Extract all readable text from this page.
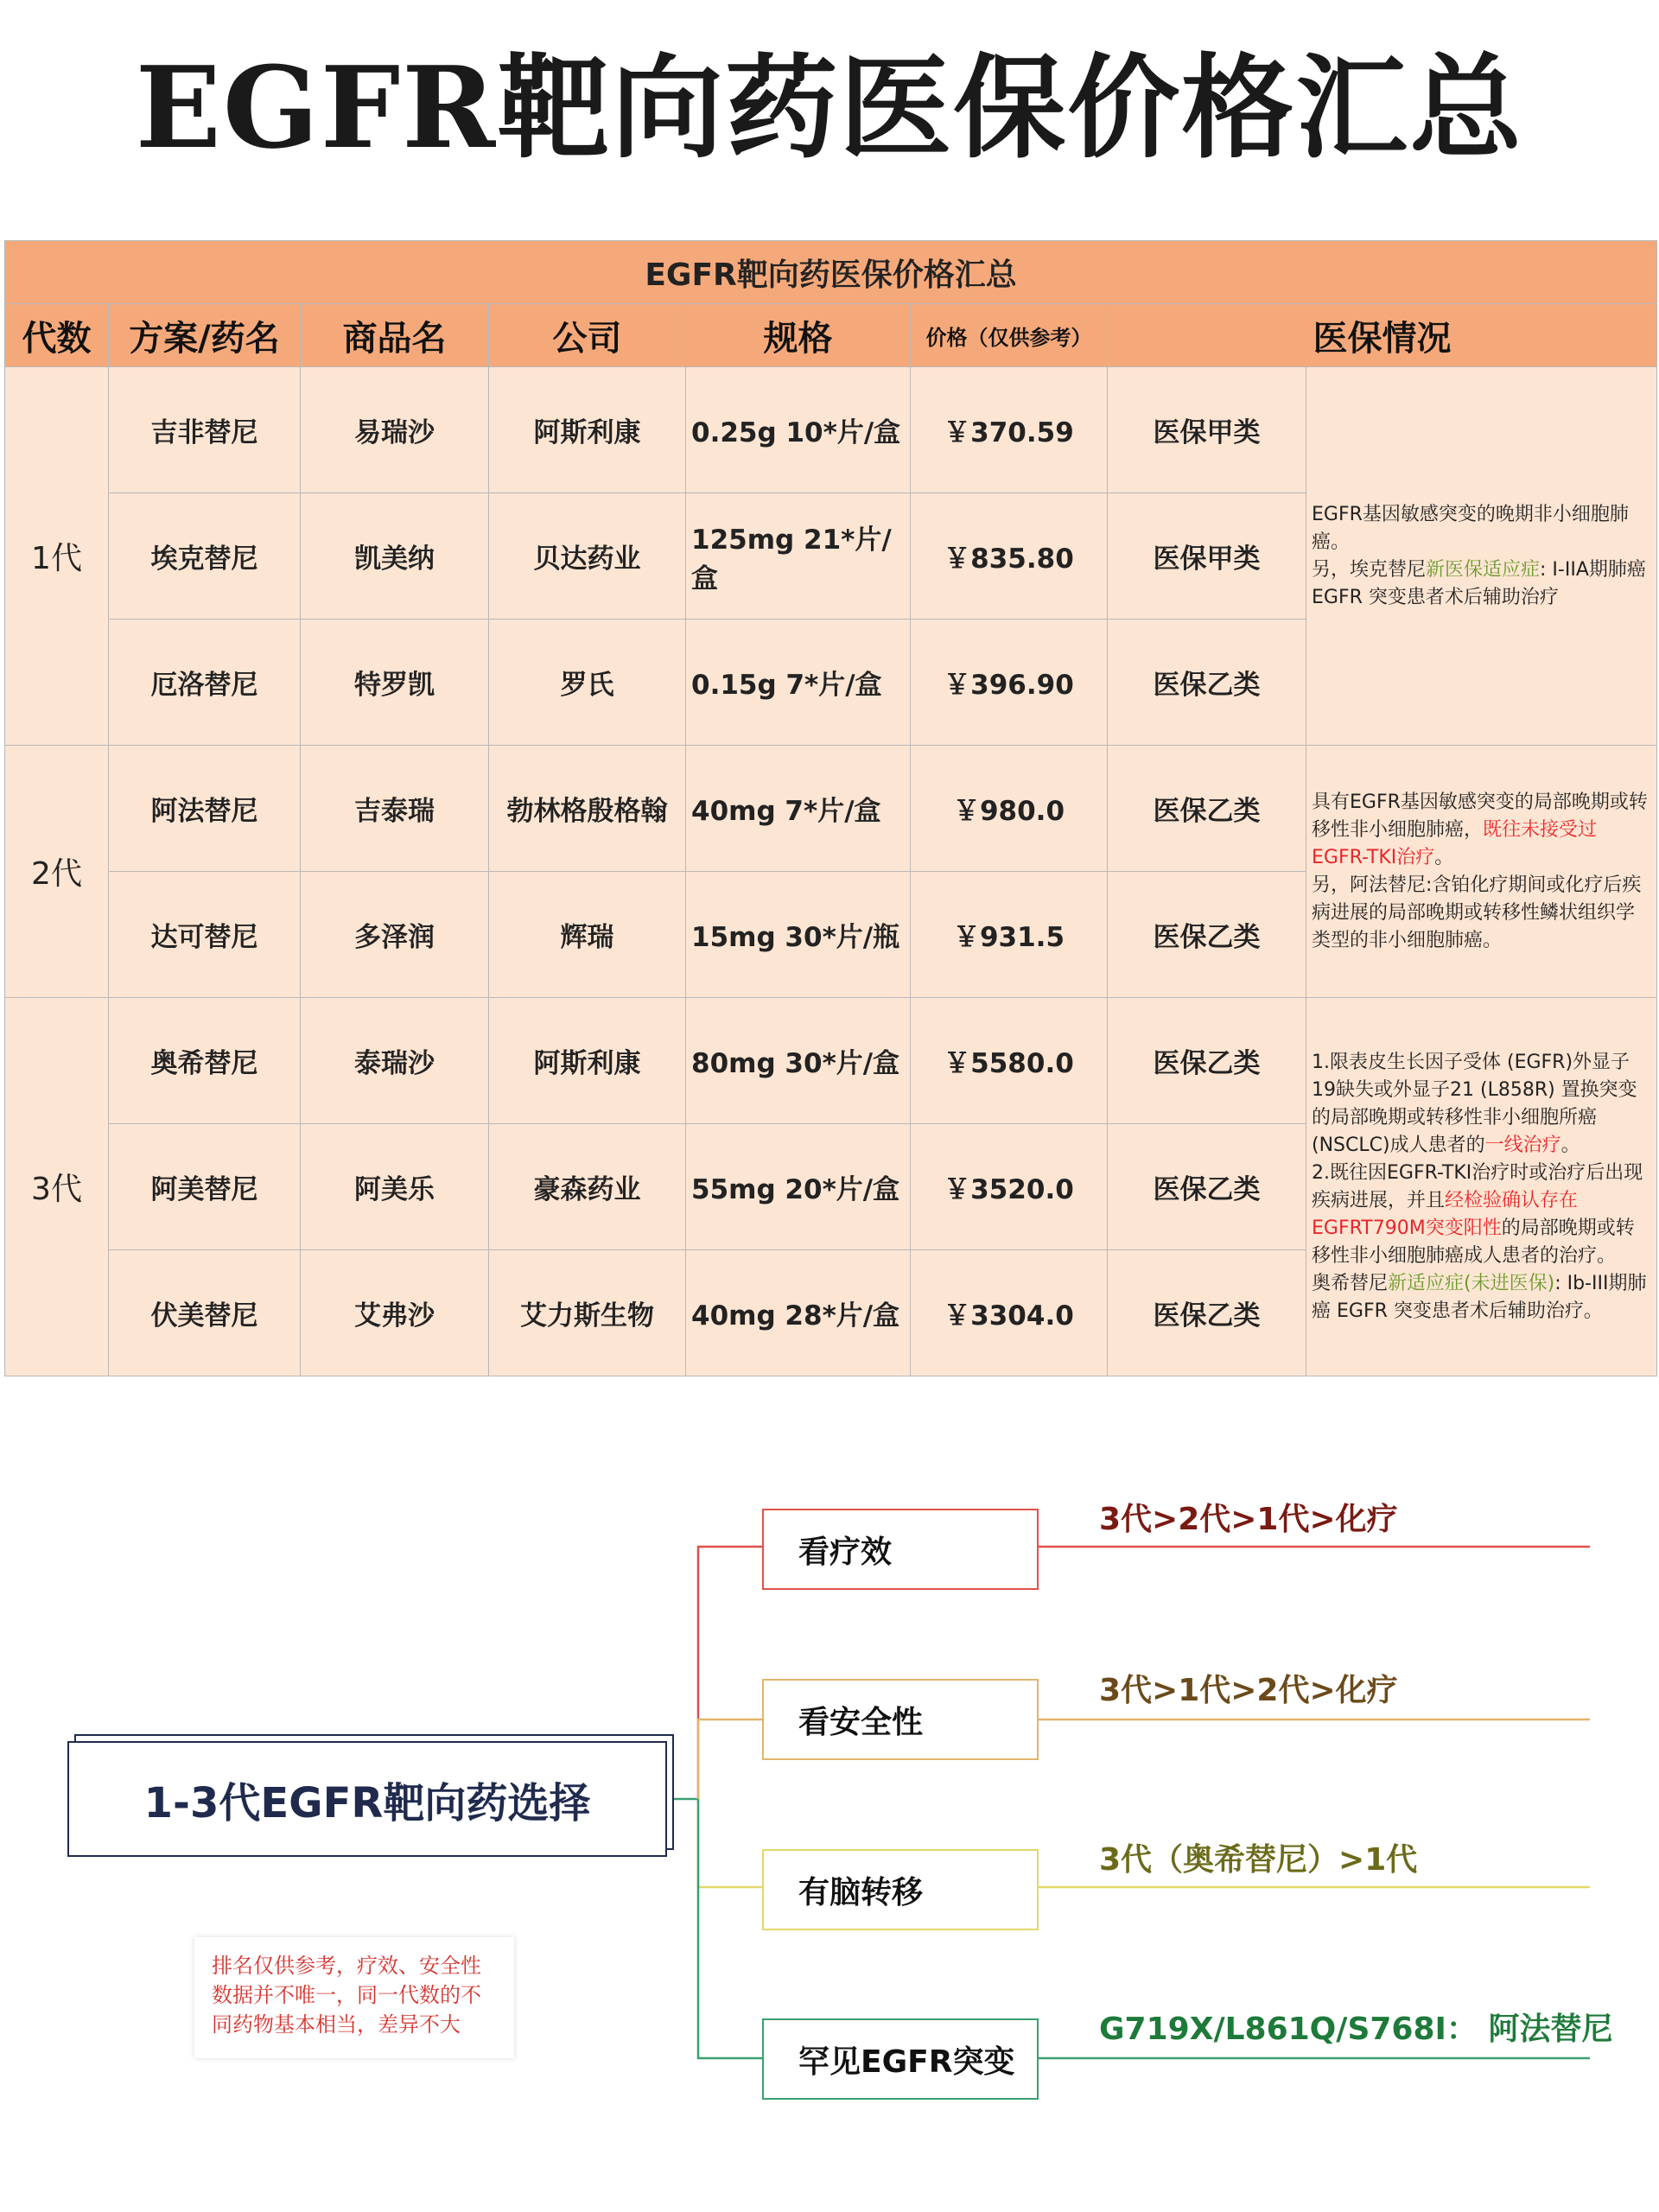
EGFR靶向药医保价格汇总
EGFR靶向药医保价格汇总							
代数	方案/药名	商品名	公司	规格	价格（仅供参考）	医保情况	
1代	吉非替尼	易瑞沙	阿斯利康	0.25g 10*片/盒	￥370.59	医保甲类	EGFR基因敏感突变的晚期非小细胞肺癌。
另，埃克替尼新医保适应症: I-IIA期肺癌 EGFR 突变患者术后辅助治疗

	埃克替尼	凯美纳	贝达药业	125mg 21*片/盒	￥835.80	医保甲类	
	厄洛替尼	特罗凯	罗氏	0.15g 7*片/盒	￥396.90	医保乙类	
2代	阿法替尼	吉泰瑞	勃林格殷格翰	40mg 7*片/盒	￥980.0	医保乙类	具有EGFR基因敏感突变的局部晚期或转移性非小细胞肺癌，既往未接受过EGFR-TKI治疗。
另，阿法替尼:含铂化疗期间或化疗后疾病进展的局部晚期或转移性鳞状组织学类型的非小细胞肺癌。

	达可替尼	多泽润	辉瑞	15mg 30*片/瓶	￥931.5	医保乙类	
3代	奥希替尼	泰瑞沙	阿斯利康	80mg 30*片/盒	￥5580.0	医保乙类	1.限表皮生长因子受体 (EGFR)外显子19缺失或外显子21 (L858R) 置换突变的局部晚期或转移性非小细胞所癌(NSCLC)成人患者的一线治疗。
2.既往因EGFR-TKI治疗时或治疗后出现疾病进展，并且经检验确认存在EGFRT790M突变阳性的局部晚期或转移性非小细胞肺癌成人患者的治疗。
奥希替尼新适应症(未进医保): Ib-III期肺癌 EGFR 突变患者术后辅助治疗。

	阿美替尼	阿美乐	豪森药业	55mg 20*片/盒	￥3520.0	医保乙类	
	伏美替尼	艾弗沙	艾力斯生物	40mg 28*片/盒	￥3304.0	医保乙类	
1-3代EGFR靶向药选择
排名仅供参考，疗效、安全性数据并不唯一，同一代数的不同药物基本相当，差异不大
看疗效
3代>2代>1代>化疗
看安全性
3代>1代>2代>化疗
有脑转移
3代（奥希替尼）>1代
罕见EGFR突变
G719X/L861Q/S768I： 阿法替尼
